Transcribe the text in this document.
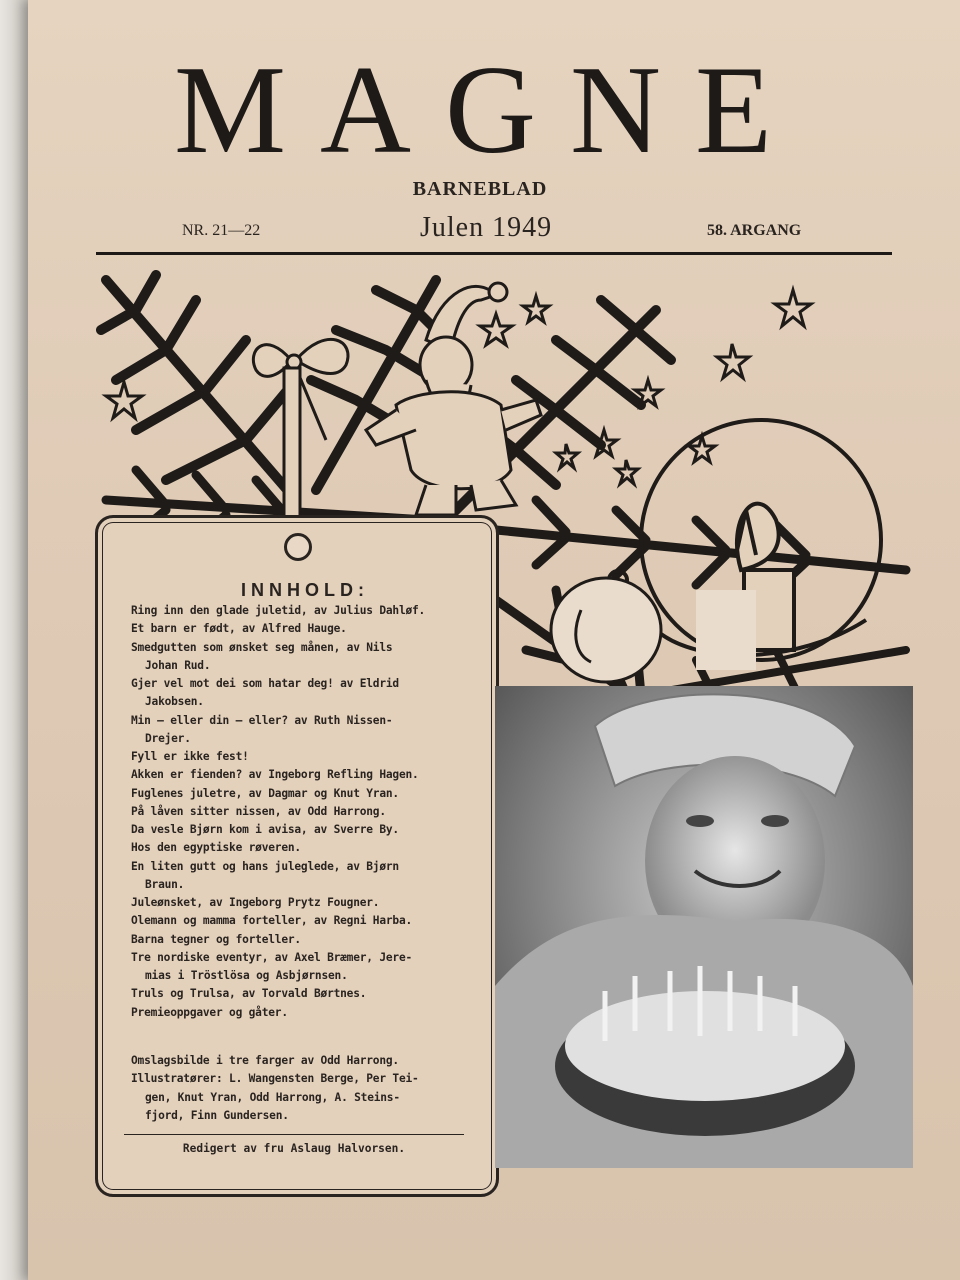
MAGNE
BARNEBLAD
NR. 21—22	Julen 1949	58. ARGANG
INNHOLD:
Ring inn den glade juletid, av Julius Dahløf.
Et barn er født, av Alfred Hauge.
Smedgutten som ønsket seg månen, av Nils
Johan Rud.
Gjer vel mot dei som hatar deg! av Eldrid
Jakobsen.
Min — eller din — eller? av Ruth Nissen-
Drejer.
Fyll er ikke fest!
Akken er fienden? av Ingeborg Refling Hagen.
Fuglenes juletre, av Dagmar og Knut Yran.
På låven sitter nissen, av Odd Harrong.
Da vesle Bjørn kom i avisa, av Sverre By.
Hos den egyptiske røveren.
En liten gutt og hans juleglede, av Bjørn
Braun.
Juleønsket, av Ingeborg Prytz Fougner.
Olemann og mamma forteller, av Regni Harba.
Barna tegner og forteller.
Tre nordiske eventyr, av Axel Bræmer, Jere-
mias i Tröstlösa og Asbjørnsen.
Truls og Trulsa, av Torvald Børtnes.
Premieoppgaver og gåter.
Omslagsbilde i tre farger av Odd Harrong.
Illustratører: L. Wangensten Berge, Per Tei-
gen, Knut Yran, Odd Harrong, A. Steins-
fjord, Finn Gundersen.
Redigert av fru Aslaug Halvorsen.
